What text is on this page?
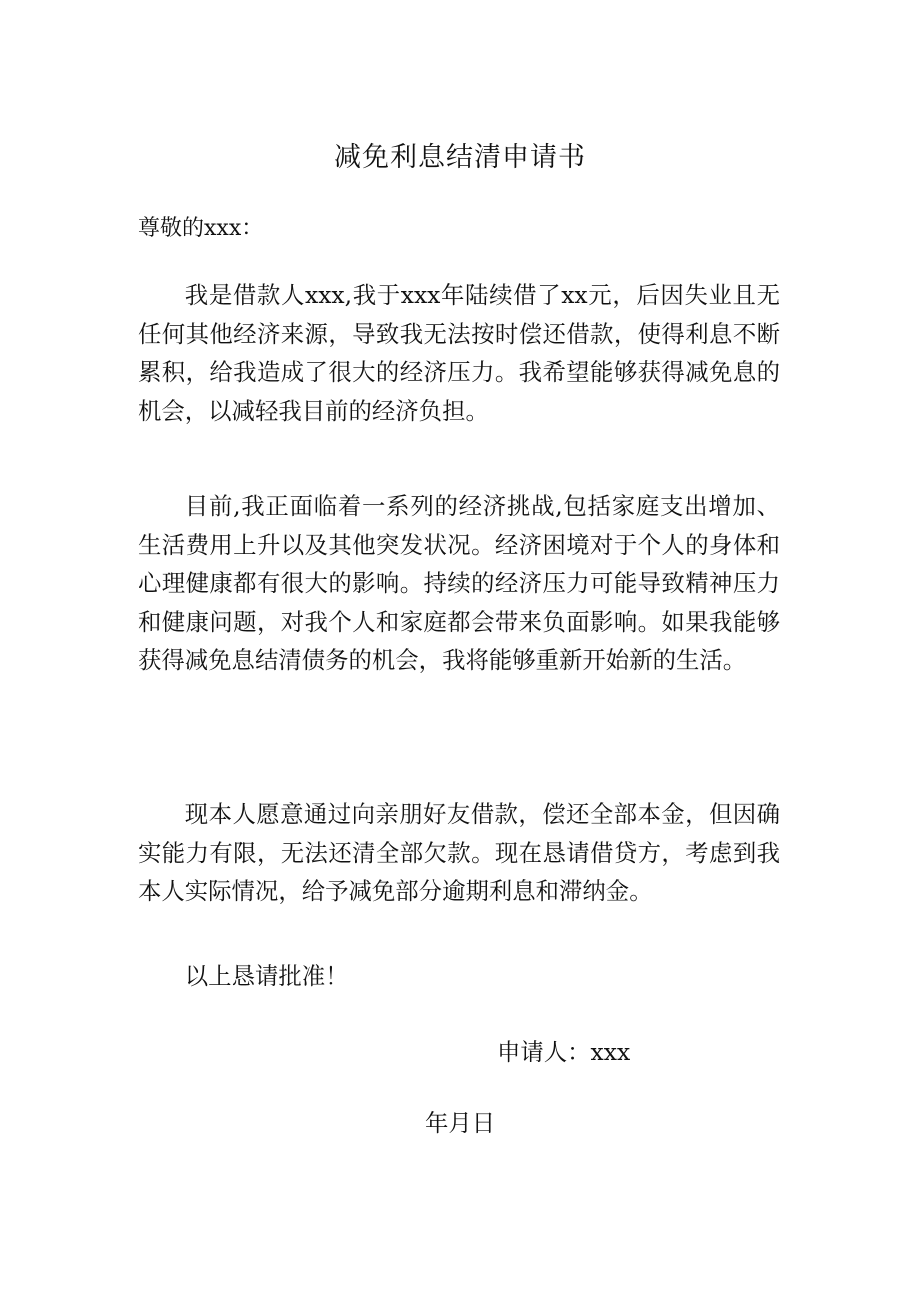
减免利息结清申请书
尊敬的xxx：

我是借款人xxx,我于xxx年陆续借了xx元，后因失业且无任何其他经济来源，导致我无法按时偿还借款，使得利息不断累积，给我造成了很大的经济压力。我希望能够获得减免息的机会，以减轻我目前的经济负担。

目前,我正面临着一系列的经济挑战,包括家庭支出增加、生活费用上升以及其他突发状况。经济困境对于个人的身体和心理健康都有很大的影响。持续的经济压力可能导致精神压力和健康问题，对我个人和家庭都会带来负面影响。如果我能够获得减免息结清债务的机会，我将能够重新开始新的生活。

现本人愿意通过向亲朋好友借款，偿还全部本金，但因确实能力有限，无法还清全部欠款。现在恳请借贷方，考虑到我本人实际情况，给予减免部分逾期利息和滞纳金。

以上恳请批准！

申请人：xxx
年月日
